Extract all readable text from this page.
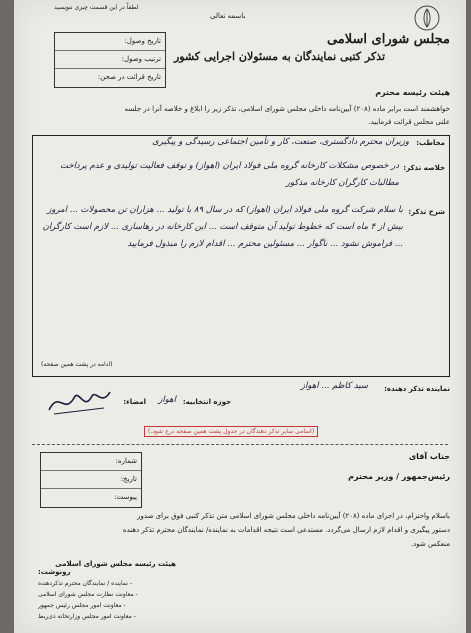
باسمه تعالی
لطفاً در این قسمت چیزی ننویسید
مجلس شورای اسلامی
تذکر کتبی نمایندگان به مسئولان اجرایی کشور
تاریخ وصول:
ترتیب وصول:
تاریخ قرائت در صحن:
هیئت رئیسه محترم
خواهشمند است برابر ماده (۲۰۸) آیین‌نامه داخلی مجلس شورای اسلامی، تذکر زیر را ابلاغ و خلاصه آنرا در جلسه
علنی مجلس قرائت فرمایید.
مخاطب:
وزیران محترم دادگستری، صنعت، کار و تأمین اجتماعی رسیدگی و پیگیری
خلاصه تذکر:
در خصوص مشکلات کارخانه گروه ملی فولاد ایران (اهواز) و توقف فعالیت تولیدی و عدم پرداخت مطالبات کارگران کارخانه مذکور
شرح تذکر:
با سلام شرکت گروه ملی فولاد ایران (اهواز) که در سال ۸۹ با تولید ... هزاران تن محصولات ... امروز بیش از ۴ ماه است که خطوط تولید آن متوقف است ... این کارخانه در رهاسازی ... لازم است کارگران ... فراموش نشود ... ناگوار ... مسئولین محترم ... اقدام لازم را مبذول فرمایید
(ادامه در پشت همین صفحه)
نماینده تذکر دهنده:
سید کاظم ... اهواز
حوزه انتخابیه:
اهواز
امضاء:
(اسامی سایر تذکر دهندگان در جدول پشت همین صفحه درج شود.)
جناب آقای
رئیس‌جمهور / وزیر محترم
شماره:
تاریخ:
پیوست:
باسلام واحترام، در اجرای ماده (۲۰۸) آیین‌نامه داخلی مجلس شورای اسلامی متن تذکر کتبی فوق برای صدور
دستور پیگیری و اقدام لازم ارسال می‌گردد. مستدعی است نتیجه اقدامات به نماینده/ نمایندگان محترم تذکر دهنده
منعکس شود.
هیئت رئیسه مجلس شورای اسلامی
رونوشت:
- نماینده / نمایندگان محترم تذکردهنده
- معاونت نظارت مجلس شورای اسلامی
- معاونت امور مجلس رئیس جمهور
- معاونت امور مجلس وزارتخانه ذی‌ربط
